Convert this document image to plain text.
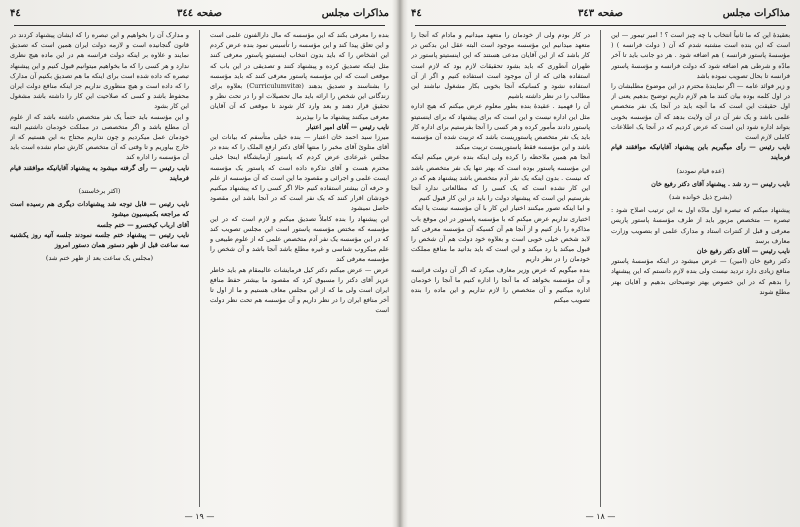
مذاكرات مجلس
صفحه ٣٤٤
۴٤

بنده را معرفی بکند که این مؤسسه که مال دارالفنون علمی است و این تعلق پیدا کند و این مؤسسه را تأسیس نمود بنده عرض کردم این اشخاص را که باید بدون انتخاب اینستیتو پاستور معرفی کنند مثل اینکه تصدیق کرده و پیشنهاد کنند و تصدیقی در این باب که موقعی است که این مؤسسه پاستور معرفی کنند که باید مؤسسه را بشناسند و تصدیق بدهند (Curriculumvitæ) بعلاوه برای زندگانی این شخص را ارائه باید مال تحصیلات او را در تحت نظر و تحقیق قرار دهند و بعد وارد کار شوند تا موقعی که آن آقایان معرفی میکنند پیشنهاد ما را بپذیرند

نایب رئیس — آقای امیر اعتبار

میرزا سید احمد خان اعتبار — بنده خیلی متأسفم که بیانات این آقای متلوئ آقای مخبر را منتها آقای دکتر ارفع الملک را که بنده در مجلس غیرعادی عرض کردم که پاستور آزمایشگاه اینجا خیلی محترم هست و آقای تذکره داده است که پاستور یک مؤسسه ایست علمی و اجرائی و مقصود ما این است که آن مؤسسه از علم و حرفه آن بیشتر استفاده کنیم حالا اگر کسی را که پیشنهاد میکنیم خودشان اقرار کنند که یک نفر است که در آنجا باشد این مقصود حاصل نمیشود

این پیشنهاد را بنده کاملاً تصدیق میکنم و لازم است که در این مؤسسه که مختص مؤسسه پاستور است این مجلس تصویب کند که در این مؤسسه یک نفر آدم متخصص علمی که از علوم طبیعی و علم میکروب شناسی و غیره مطلع باشد آنجا باشد و آن شخص را مؤسسه معرفی کند

عرض — عرض میکنم دکتر کیل فرمایشات عالیمقام هم باید خاطر عزیز آقای دکتر را مسبوق کرد که مقصود ما بیشتر حفظ منافع ایران است ولی ما که از این مجلس معاف هستیم و ما از اول تا آخر منافع ایران را در نظر داریم و آن مؤسسه هم تحت نظر دولت است

و مدارک آن را بخواهیم و این تبصره را که ایشان پیشنهاد کردند در قانون گنجانیده است و لازمه دولت ایران همین است که تصدیق نمایند و علاوه بر اینکه دولت فرانسه هم در این ماده هیچ نظری ندارد و هر کسی را که ما بخواهیم میتوانیم قبول کنیم و این پیشنهاد تبصره که داده شده است برای اینکه ما هم تصدیق بکنیم آن مدارک را که داده است و هیچ منظوری نداریم جز اینکه منافع دولت ایران محفوظ باشد و کسی که صلاحیت این کار را داشته باشد مشغول این کار بشود

و این مؤسسه باید حتماً یک نفر متخصص داشته باشد که از علوم آن مطلع باشد و اگر متخصصی در مملکت خودمان داشتیم البته خودمان عمل میکردیم و چون نداریم محتاج به این هستیم که از خارج بیاوریم و تا وقتی که آن متخصص کارش تمام نشده است باید آن مؤسسه را اداره کند

نایب رئیس — رأی گرفته میشود به پیشنهاد آقایانیکه موافقند قیام فرمایند

(اکثر برخاستند)

نایب رئیس — قابل توجه شد پیشنهادات دیگری هم رسیده است که مراجعه بکمیسیون میشود

آقای ارباب کیخسرو — ختم جلسه

نایب رئیس — پیشنهاد ختم جلسه نمودند جلسه آتیه روز یکشنبه سه ساعت قبل از ظهر دستور همان دستور امروز

(مجلس یک ساعت بعد از ظهر ختم شد)

— ١٩ —
مذاكرات مجلس
صفحه ٣٤٣
۴٤

بعقیدهٔ این که ما ثانیاً انتخاب با چه چیز است ؟ ! امیر تیمور — این است که این بنده است مشتبه شدم که آن ( دولت فرانسه ) ( مؤسسهٔ پاستور فرانسه ) هم اضافه شود . هر دو جانب باید تا آخر مادّه و شرطی هم اضافه شود که دولت فرانسه و مؤسسهٔ پاستور فرانسه تا بحال تصویب نموده باشد

و زیر فوائد عامه — اگر نمایندهٔ محترم در این موضوع مطلبشان را در اول کلمه بوده بیان کنند ما هم لازم داریم توضیح بدهیم یعنی از اول حقیقت این است که ما آنچه باید در آنجا یک نفر متخصص علمی باشد و یک نفر آن در آن ولایت بدهد که آن مؤسسه بخوبی بتواند اداره شود این است که عرض کردیم که در آنجا یک اطلاعات کاملی لازم است

نایب رئیس — رأی میگیریم باین پیشنهاد آقایانیکه موافقند قیام فرمایند

(عده قیام نمودند)

نایب رئیس — رد شد . پیشنهاد آقای دکتر رفیع خان

(بشرح ذیل خوانده شد)

پیشنهاد میکنم که تبصره اول مادّه اول به این ترتیب اصلاح شود : تبصره — متخصص مزبور باید از طرف مؤسسهٔ پاستور پاریس معرفی و قبل از کنترات استاد و مدارک علمی او بتصویب وزارت معارف برسد

نایب رئیس — آقای دکتر رفیع خان

دکتر رفیع خان (امین) — عرض میشود در اینکه مؤسسهٔ پاستور منافع زیادی دارد تردید نیست ولی بنده لازم دانستم که این پیشنهاد را بدهم که در این خصوص بهتر توضیحاتی بدهیم و آقایان بهتر مطلع شوند

در کار بودم ولی از خودمان را متعهد میدانیم و مادام که آنجا را متعهد میدانیم این مؤسسه موجود است البته عقل این بدکس در کار باشد که از این آقایان مدعی هستند که این اینستیتو پاستور در طهران آنطوری که باید بشود تحقیقات لازم بود که لازم است استفاده هائی که از آن موجود است استفاده کنیم و اگر از آن استفاده نشود و کسانیکه آنجا بخوبی بکار مشغول نباشند این مطالب را در نظر داشته باشیم

آن را فهمید . عقیدهٔ بنده بطور معلوم عرض میکنم که هیچ اداره مثل این اداره نیست و این است که برای پیشنهاد که برای اینستیتو پاستور دادند مأمور کرده و هر کسی را آنجا بفرستیم برای اداره کار باید یک نفر متخصص پاستوریست باشد که تربیت شده آن مؤسسه باشد و این مؤسسه فقط پاستوریست تربیت میکند

آنجا هم همین ملاحظه را کرده ولی اینکه بنده عرض میکنم اینکه این مؤسسه پاستور بوده است که بهتر تنها یک نفر متخصص باشد که نیست . بدون اینکه یک نفر آدم متخصص باشد پیشنهاد هم که در این کار نشده است که یک کسی را که مطالعاتی ندارد آنجا بفرستیم این است که پیشنهاد دولت را باید در این کار قبول کنیم

و اما اینکه تصور میکنند اختیار این کار با آن مؤسسه نیست یا اینکه اختیاری نداریم عرض میکنم که با مؤسسه پاستور در این موقع باب مذاکره را باز کنیم و از آنجا هم آن کسیکه آن مؤسسه معرفی کند لابد شخص خیلی خوبی است و بعلاوه خود دولت هم آن شخص را قبول میکند یا رد میکند و این است که باید بدانید ما منافع مملکت خودمان را در نظر داریم

بنده میگویم که عرض وزیر معارف میکرد که اگر آن دولت فرانسه و آن مؤسسه بخواهد که ما آنجا را اداره کنیم ما آنجا را خودمان اداره میکنیم و آن متخصص را لازم نداریم و این ماده را بنده تصویب میکنم

— ١٨ —
